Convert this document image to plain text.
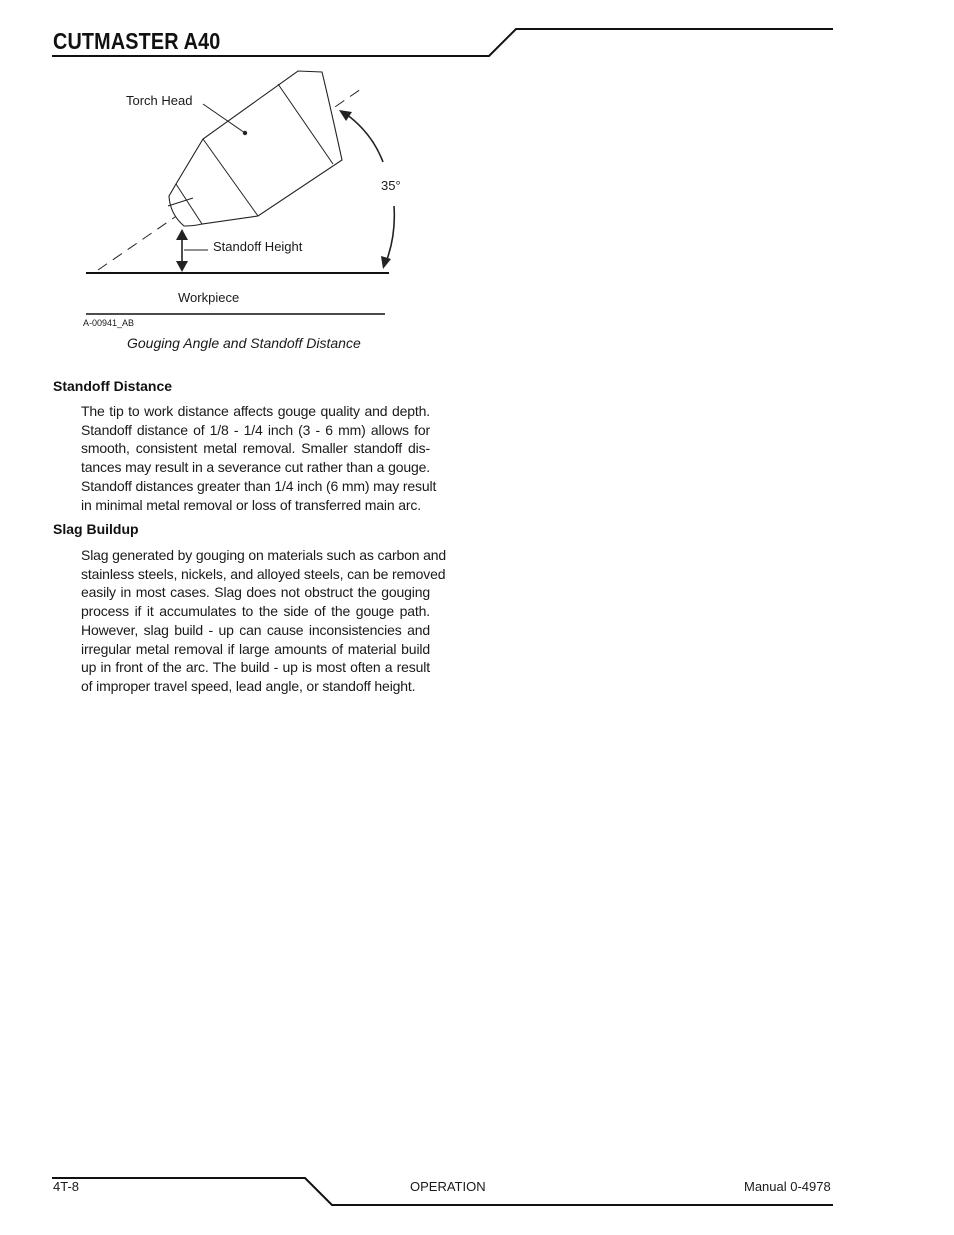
CUTMASTER A40
Torch Head
35°
Standoff Height
Workpiece
A-00941_AB
Gouging Angle and Standoff Distance
Standoff Distance
The tip to work distance affects gouge quality and depth.
Standoff distance of 1/8 - 1/4 inch (3 - 6 mm) allows for
smooth, consistent metal removal. Smaller standoff dis-
tances may result in a severance cut rather than a gouge.
Standoff distances greater than 1/4 inch (6 mm) may result
in minimal metal removal or loss of transferred main arc.
Slag Buildup
Slag generated by gouging on materials such as carbon and
stainless steels, nickels, and alloyed steels, can be removed
easily in most cases. Slag does not obstruct the gouging
process if it accumulates to the side of the gouge path.
However, slag build - up can cause inconsistencies and
irregular metal removal if large amounts of material build
up in front of the arc. The build - up is most often a result
of improper travel speed, lead angle, or standoff height.
4T-8	OPERATION	Manual 0-4978
